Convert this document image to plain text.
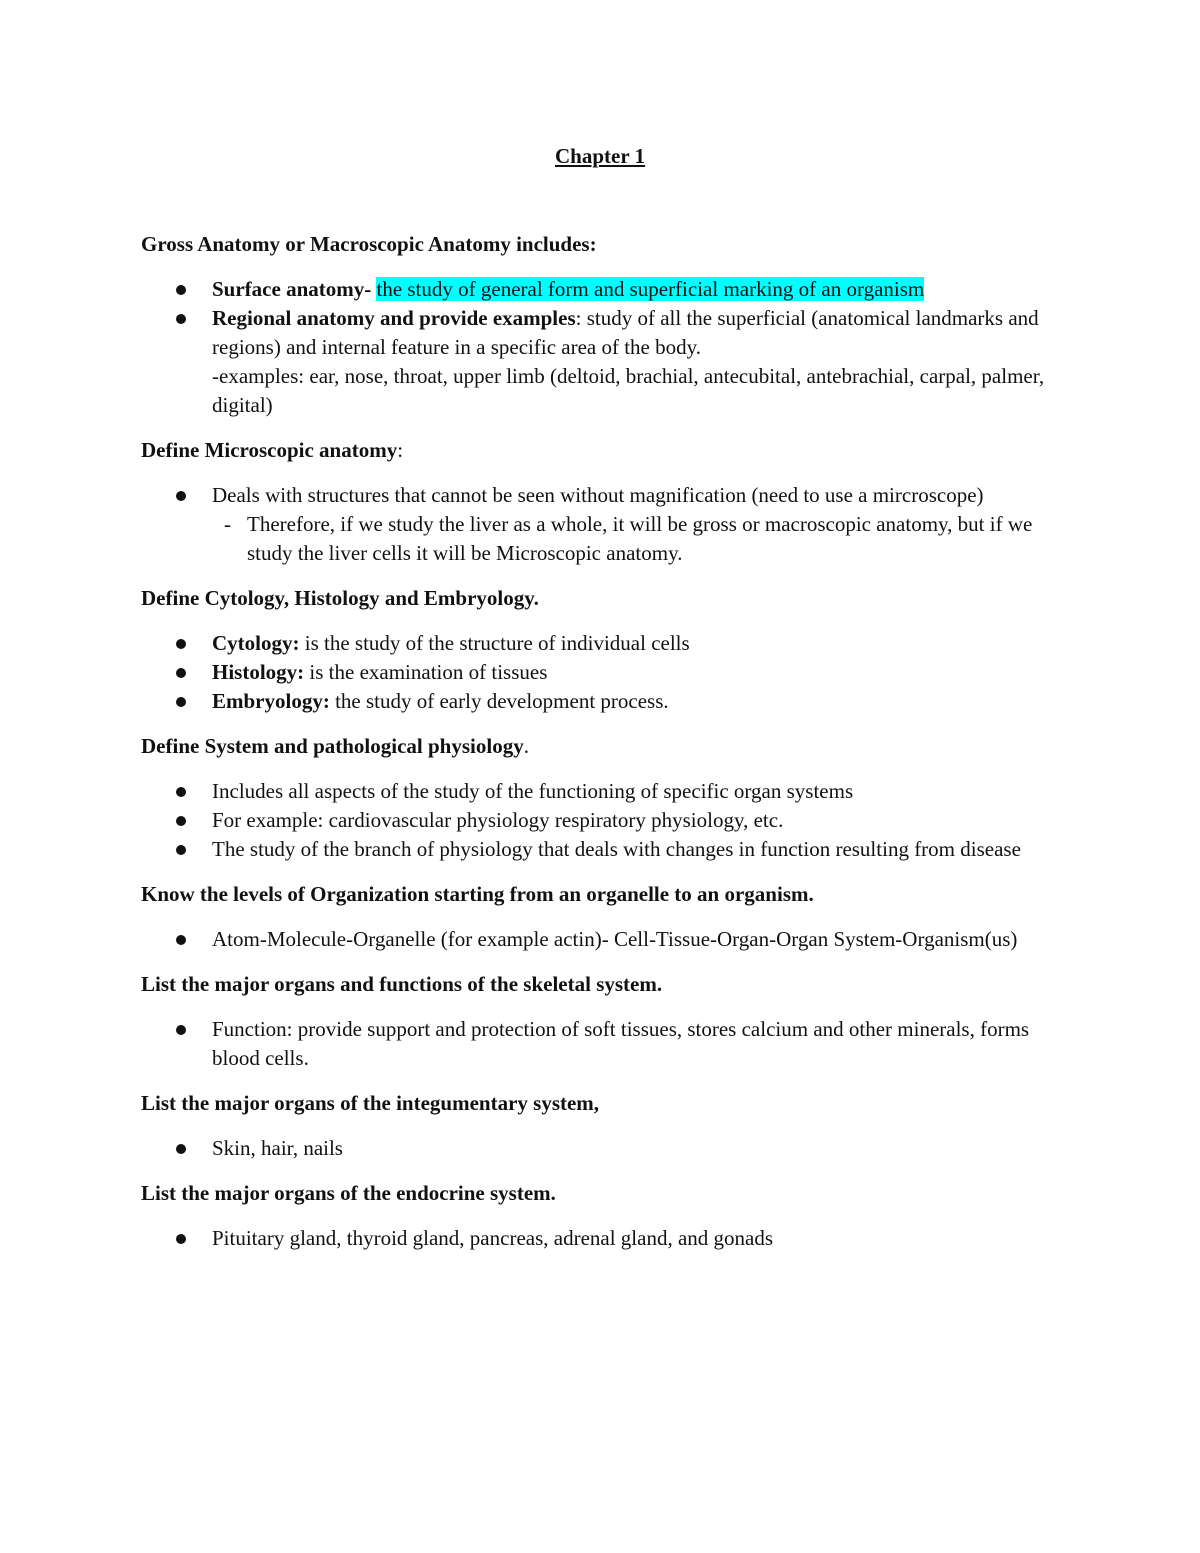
Chapter 1
Gross Anatomy or Macroscopic Anatomy includes:
Surface anatomy- the study of general form and superficial marking of an organism
Regional anatomy and provide examples: study of all the superficial (anatomical landmarks and regions) and internal feature in a specific area of the body.
-examples: ear, nose, throat, upper limb (deltoid, brachial, antecubital, antebrachial, carpal, palmer, digital)
Define Microscopic anatomy:
Deals with structures that cannot be seen without magnification (need to use a mircroscope)
- Therefore, if we study the liver as a whole, it will be gross or macroscopic anatomy, but if we study the liver cells it will be Microscopic anatomy.
Define Cytology, Histology and Embryology.
Cytology: is the study of the structure of individual cells
Histology: is the examination of tissues
Embryology: the study of early development process.
Define System and pathological physiology.
Includes all aspects of the study of the functioning of specific organ systems
For example: cardiovascular physiology respiratory physiology, etc.
The study of the branch of physiology that deals with changes in function resulting from disease
Know the levels of Organization starting from an organelle to an organism.
Atom-Molecule-Organelle (for example actin)- Cell-Tissue-Organ-Organ System-Organism(us)
List the major organs and functions of the skeletal system.
Function: provide support and protection of soft tissues, stores calcium and other minerals, forms blood cells.
List the major organs of the integumentary system,
Skin, hair, nails
List the major organs of the endocrine system.
Pituitary gland, thyroid gland, pancreas, adrenal gland, and gonads
